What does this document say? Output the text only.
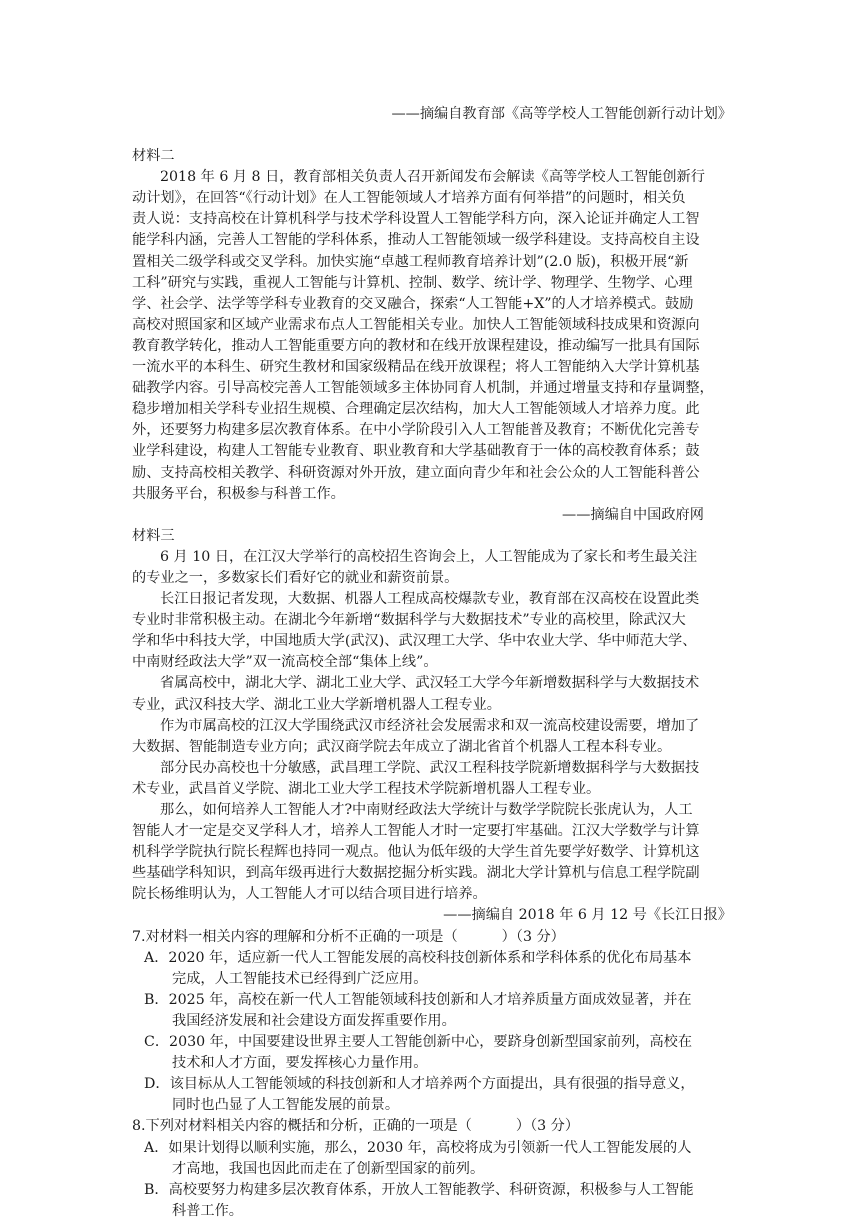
——摘编自教育部《高等学校人工智能创新行动计划》
材料二
2018 年 6 月 8 日，教育部相关负责人召开新闻发布会解读《高等学校人工智能创新行
动计划》，在回答“《行动计划》在人工智能领域人才培养方面有何举措”的问题时，相关负
责人说：支持高校在计算机科学与技术学科设置人工智能学科方向，深入论证并确定人工智
能学科内涵，完善人工智能的学科体系，推动人工智能领域一级学科建设。支持高校自主设
置相关二级学科或交叉学科。加快实施“卓越工程师教育培养计划”(2.0 版)，积极开展“新
工科”研究与实践，重视人工智能与计算机、控制、数学、统计学、物理学、生物学、心理
学、社会学、法学等学科专业教育的交叉融合，探索“人工智能+X”的人才培养模式。鼓励
高校对照国家和区域产业需求布点人工智能相关专业。加快人工智能领域科技成果和资源向
教育教学转化，推动人工智能重要方向的教材和在线开放课程建设，推动编写一批具有国际
一流水平的本科生、研究生教材和国家级精品在线开放课程；将人工智能纳入大学计算机基
础教学内容。引导高校完善人工智能领域多主体协同育人机制，并通过增量支持和存量调整，
稳步增加相关学科专业招生规模、合理确定层次结构，加大人工智能领域人才培养力度。此
外，还要努力构建多层次教育体系。在中小学阶段引入人工智能普及教育；不断优化完善专
业学科建设，构建人工智能专业教育、职业教育和大学基础教育于一体的高校教育体系；鼓
励、支持高校相关教学、科研资源对外开放，建立面向青少年和社会公众的人工智能科普公
共服务平台，积极参与科普工作。
——摘编自中国政府网
材料三
6 月 10 日，在江汉大学举行的高校招生咨询会上，人工智能成为了家长和考生最关注
的专业之一，多数家长们看好它的就业和薪资前景。
长江日报记者发现，大数据、机器人工程成高校爆款专业，教育部在汉高校在设置此类
专业时非常积极主动。在湖北今年新增“数据科学与大数据技术”专业的高校里，除武汉大
学和华中科技大学，中国地质大学(武汉)、武汉理工大学、华中农业大学、华中师范大学、
中南财经政法大学”双一流高校全部“集体上线”。
省属高校中，湖北大学、湖北工业大学、武汉轻工大学今年新增数据科学与大数据技术
专业，武汉科技大学、湖北工业大学新增机器人工程专业。
作为市属高校的江汉大学围绕武汉市经济社会发展需求和双一流高校建设需要，增加了
大数据、智能制造专业方向；武汉商学院去年成立了湖北省首个机器人工程本科专业。
部分民办高校也十分敏感，武昌理工学院、武汉工程科技学院新增数据科学与大数据技
术专业，武昌首义学院、湖北工业大学工程技术学院新增机器人工程专业。
那么，如何培养人工智能人才?中南财经政法大学统计与数学学院院长张虎认为，人工
智能人才一定是交叉学科人才，培养人工智能人才时一定要打牢基础。江汉大学数学与计算
机科学学院执行院长程辉也持同一观点。他认为低年级的大学生首先要学好数学、计算机这
些基础学科知识，到高年级再进行大数据挖掘分析实践。湖北大学计算机与信息工程学院副
院长杨维明认为，人工智能人才可以结合项目进行培养。
——摘编自 2018 年 6 月 12 号《长江日报》
7.对材料一相关内容的理解和分析不正确的一项是（	）（3 分）
A．2020 年，适应新一代人工智能发展的高校科技创新体系和学科体系的优化布局基本
完成，人工智能技术已经得到广泛应用。
B．2025 年，高校在新一代人工智能领域科技创新和人才培养质量方面成效显著，并在
我国经济发展和社会建设方面发挥重要作用。
C．2030 年，中国要建设世界主要人工智能创新中心，要跻身创新型国家前列，高校在
技术和人才方面，要发挥核心力量作用。
D．该目标从人工智能领域的科技创新和人才培养两个方面提出，具有很强的指导意义，
同时也凸显了人工智能发展的前景。
8.下列对材料相关内容的概括和分析，正确的一项是（	）（3 分）
A．如果计划得以顺利实施，那么，2030 年，高校将成为引领新一代人工智能发展的人
才高地，我国也因此而走在了创新型国家的前列。
B．高校要努力构建多层次教育体系，开放人工智能教学、科研资源，积极参与人工智能
科普工作。
